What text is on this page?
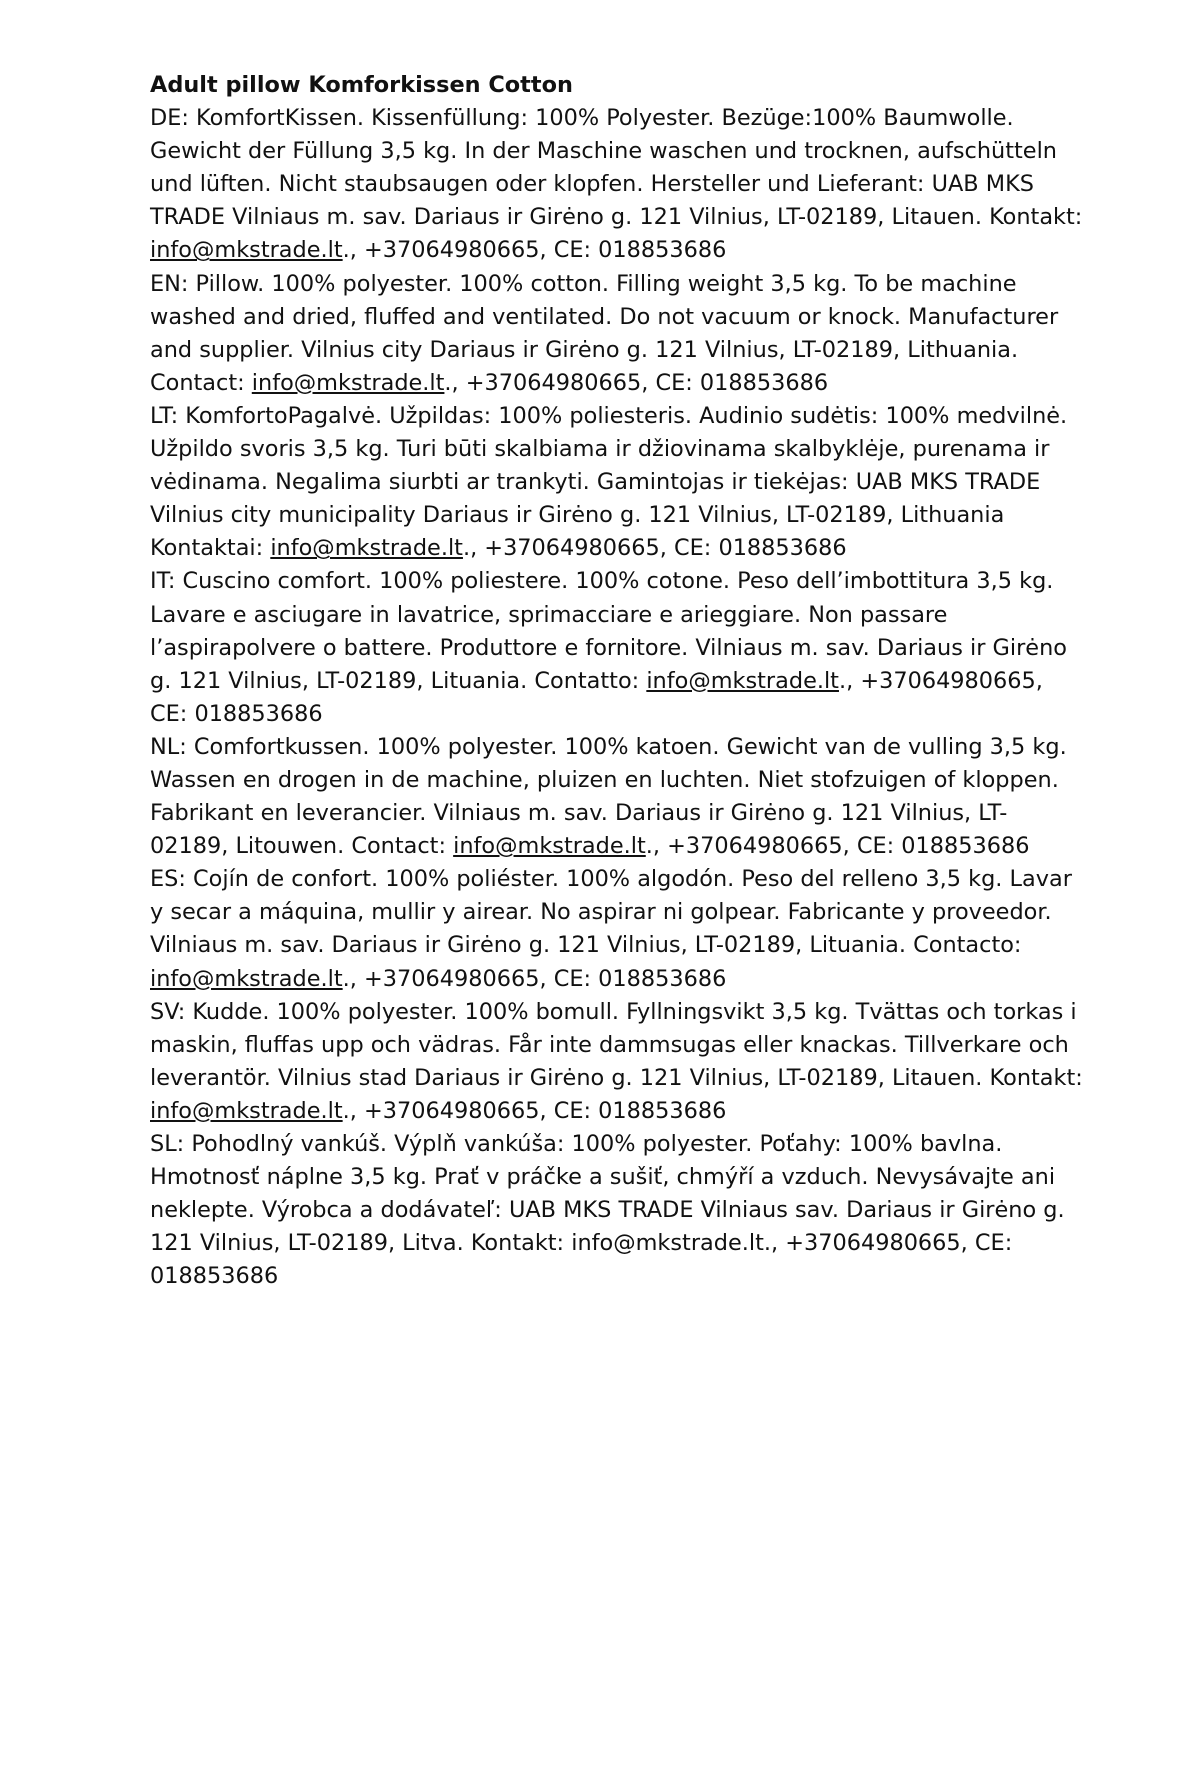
Adult pillow Komforkissen Cotton

DE: KomfortKissen. Kissenfüllung: 100% Polyester. Bezüge:100% Baumwolle. Gewicht der Füllung 3,5 kg. In der Maschine waschen und trocknen, aufschütteln und lüften. Nicht staubsaugen oder klopfen. Hersteller und Lieferant: UAB MKS TRADE Vilniaus m. sav. Dariaus ir Girėno g. 121 Vilnius, LT-02189, Litauen. Kontakt: info@mkstrade.lt., +37064980665, CE: 018853686

EN: Pillow. 100% polyester. 100% cotton. Filling weight 3,5 kg. To be machine washed and dried, fluffed and ventilated. Do not vacuum or knock. Manufacturer and supplier. Vilnius city Dariaus ir Girėno g. 121 Vilnius, LT-02189, Lithuania. Contact: info@mkstrade.lt., +37064980665, CE: 018853686

LT: KomfortoPagalvė. Užpildas: 100% poliesteris. Audinio sudėtis: 100% medvilnė. Užpildo svoris 3,5 kg. Turi būti skalbiama ir džiovinama skalbyklėje, purenama ir vėdinama. Negalima siurbti ar trankyti. Gamintojas ir tiekėjas: UAB MKS TRADE Vilnius city municipality Dariaus ir Girėno g. 121 Vilnius, LT-02189, Lithuania Kontaktai: info@mkstrade.lt., +37064980665, CE: 018853686

IT: Cuscino comfort. 100% poliestere. 100% cotone. Peso dell’imbottitura 3,5 kg. Lavare e asciugare in lavatrice, sprimacciare e arieggiare. Non passare l’aspirapolvere o battere. Produttore e fornitore. Vilniaus m. sav. Dariaus ir Girėno g. 121 Vilnius, LT-02189, Lituania. Contatto: info@mkstrade.lt., +37064980665, CE: 018853686

NL: Comfortkussen. 100% polyester. 100% katoen. Gewicht van de vulling 3,5 kg. Wassen en drogen in de machine, pluizen en luchten. Niet stofzuigen of kloppen. Fabrikant en leverancier. Vilniaus m. sav. Dariaus ir Girėno g. 121 Vilnius, LT-02189, Litouwen. Contact: info@mkstrade.lt., +37064980665, CE: 018853686

ES: Cojín de confort. 100% poliéster. 100% algodón. Peso del relleno 3,5 kg. Lavar y secar a máquina, mullir y airear. No aspirar ni golpear. Fabricante y proveedor. Vilniaus m. sav. Dariaus ir Girėno g. 121 Vilnius, LT-02189, Lituania. Contacto: info@mkstrade.lt., +37064980665, CE: 018853686

SV: Kudde. 100% polyester. 100% bomull. Fyllningsvikt 3,5 kg. Tvättas och torkas i maskin, fluffas upp och vädras. Får inte dammsugas eller knackas. Tillverkare och leverantör. Vilnius stad Dariaus ir Girėno g. 121 Vilnius, LT-02189, Litauen. Kontakt: info@mkstrade.lt., +37064980665, CE: 018853686

SL: Pohodlný vankúš. Výplň vankúša: 100% polyester. Poťahy: 100% bavlna. Hmotnosť náplne 3,5 kg. Prať v práčke a sušiť, chmýří a vzduch. Nevysávajte ani neklepte. Výrobca a dodávateľ: UAB MKS TRADE Vilniaus sav. Dariaus ir Girėno g. 121 Vilnius, LT-02189, Litva. Kontakt: info@mkstrade.lt., +37064980665, CE: 018853686
